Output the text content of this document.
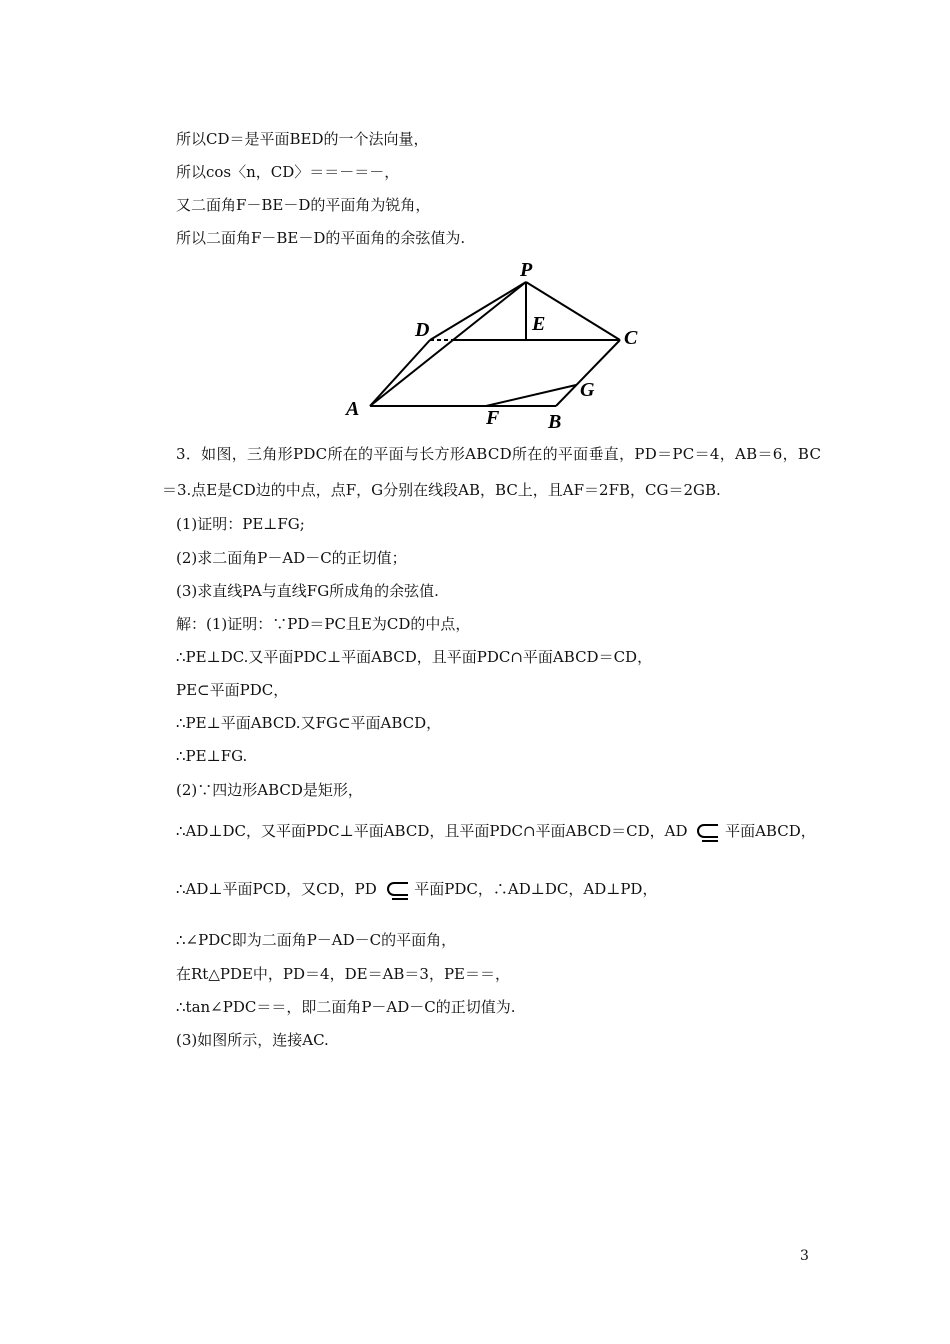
所以CD＝是平面BED的一个法向量，
所以cos〈n，CD〉＝＝－＝－，
又二面角F－BE－D的平面角为锐角，
所以二面角F－BE－D的平面角的余弦值为.
P
D	E
C
G
A	F B
3．如图，三角形PDC所在的平面与长方形ABCD所在的平面垂直，PD＝PC＝4，AB＝6，BC
＝3.点E是CD边的中点，点F，G分别在线段AB，BC上，且AF＝2FB，CG＝2GB.
(1)证明：PE⊥FG;
(2)求二面角P－AD－C的正切值；
(3)求直线PA与直线FG所成角的余弦值.
解：(1)证明：∵PD＝PC且E为CD的中点，
∴PE⊥DC.又平面PDC⊥平面ABCD，且平面PDC∩平面ABCD＝CD，
PE⊂平面PDC，
∴PE⊥平面ABCD.又FG⊂平面ABCD，
∴PE⊥FG.
(2)∵四边形ABCD是矩形，
∴AD⊥DC，又平面PDC⊥平面ABCD，且平面PDC∩平面ABCD＝CD，AD	平面ABCD，
∴AD⊥平面PCD，又CD，PD	平面PDC，∴AD⊥DC，AD⊥PD，
∴∠PDC即为二面角P－AD－C的平面角，
在Rt△PDE中，PD＝4，DE＝AB＝3，PE＝＝，
∴tan∠PDC＝＝，即二面角P－AD－C的正切值为.
(3)如图所示，连接AC.
3
